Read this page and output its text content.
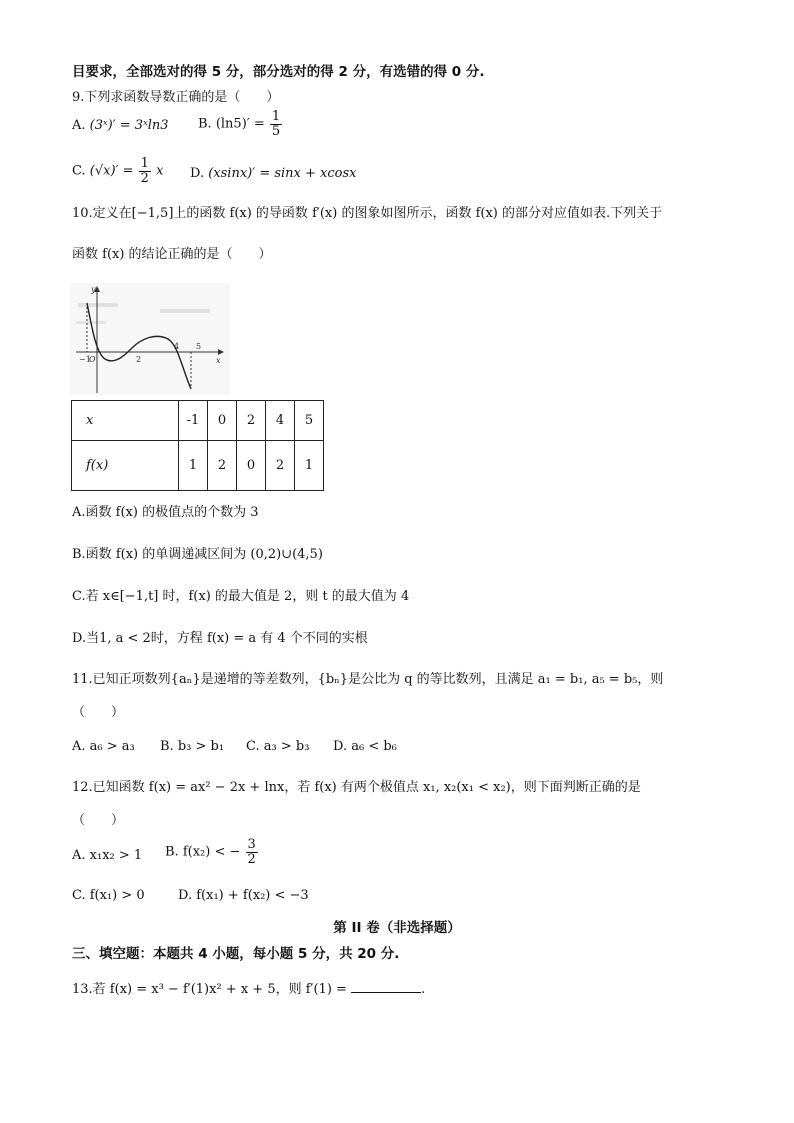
目要求，全部选对的得 5 分，部分选对的得 2 分，有选错的得 0 分.
9.下列求函数导数正确的是（　　）
A. (3ˣ)′ = 3ˣln3 B. $(\ln 5)' = \frac{1}{5}$
C. $(√x)' = \frac{1}{2}$ x D. (xsinx)′ = sinx + xcosx
10.定义在[−1,5]上的函数 f(x) 的导函数 f′(x) 的图象如图所示，函数 f(x) 的部分对应值如表.下列关于
函数 f(x) 的结论正确的是（　　）
y
x
−1
O	2
4 5
x	-1	0	2	4	5
f(x)	1	2	0	2	1
A.函数 f(x) 的极值点的个数为 3
B.函数 f(x) 的单调递减区间为 (0,2)∪(4,5)
C.若 x∈[−1,t] 时，f(x) 的最大值是 2，则 t 的最大值为 4
D.当1, a < 2时，方程 f(x) = a 有 4 个不同的实根
11.已知正项数列{aₙ}是递增的等差数列，{bₙ}是公比为 q 的等比数列，且满足 a₁ = b₁, a₅ = b₅，则
（　　）
A. a₆ > a₃ B. b₃ > b₁ C. a₃ > b₃ D. a₆ < b₆
12.已知函数 f(x) = ax² − 2x + lnx，若 f(x) 有两个极值点 x₁, x₂(x₁ < x₂)，则下面判断正确的是
（　　）
A. x₁x₂ > 1 B. f(x₂) < − $\frac{3}{2}$
C. f(x₁) > 0	D. f(x₁) + f(x₂) < −3
第 II 卷（非选择题）
三、填空题：本题共 4 小题，每小题 5 分，共 20 分.
13.若 f(x) = x³ − f′(1)x² + x + 5，则 f′(1) =	.
